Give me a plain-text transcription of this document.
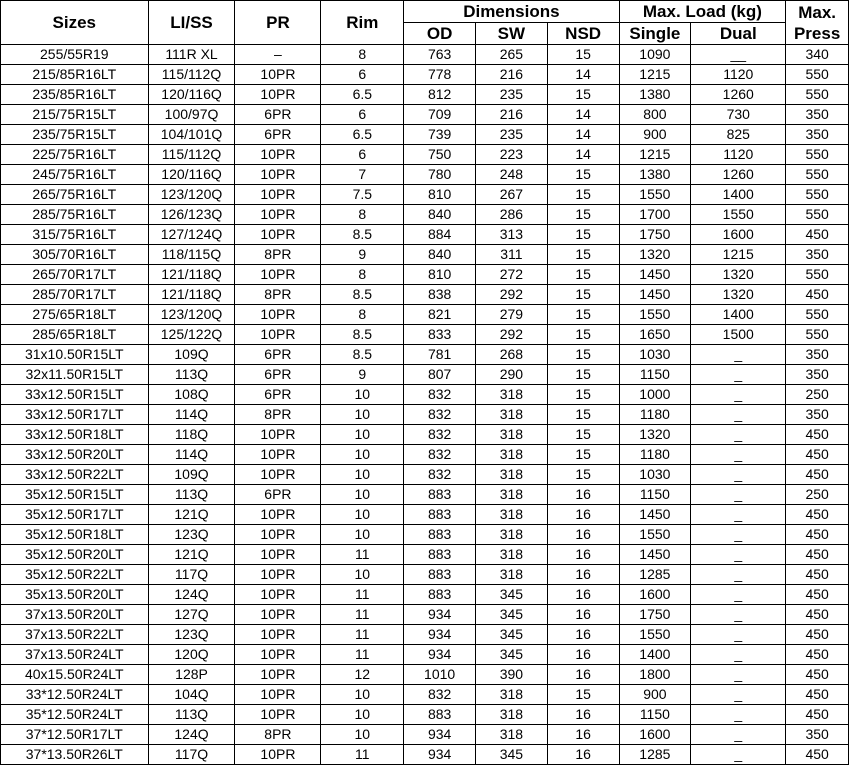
Sizes	LI/SS	PR	Rim	Dimensions			Max. Load (kg)		Max.
Press
				OD	SW	NSD	Single	Dual	
255/55R19	111R XL	–	8	763	265	15	1090	__	340
215/85R16LT	115/112Q	10PR	6	778	216	14	1215	1120	550
235/85R16LT	120/116Q	10PR	6.5	812	235	15	1380	1260	550
215/75R15LT	100/97Q	6PR	6	709	216	14	800	730	350
235/75R15LT	104/101Q	6PR	6.5	739	235	14	900	825	350
225/75R16LT	115/112Q	10PR	6	750	223	14	1215	1120	550
245/75R16LT	120/116Q	10PR	7	780	248	15	1380	1260	550
265/75R16LT	123/120Q	10PR	7.5	810	267	15	1550	1400	550
285/75R16LT	126/123Q	10PR	8	840	286	15	1700	1550	550
315/75R16LT	127/124Q	10PR	8.5	884	313	15	1750	1600	450
305/70R16LT	118/115Q	8PR	9	840	311	15	1320	1215	350
265/70R17LT	121/118Q	10PR	8	810	272	15	1450	1320	550
285/70R17LT	121/118Q	8PR	8.5	838	292	15	1450	1320	450
275/65R18LT	123/120Q	10PR	8	821	279	15	1550	1400	550
285/65R18LT	125/122Q	10PR	8.5	833	292	15	1650	1500	550
31x10.50R15LT	109Q	6PR	8.5	781	268	15	1030	_	350
32x11.50R15LT	113Q	6PR	9	807	290	15	1150	_	350
33x12.50R15LT	108Q	6PR	10	832	318	15	1000	_	250
33x12.50R17LT	114Q	8PR	10	832	318	15	1180	_	350
33x12.50R18LT	118Q	10PR	10	832	318	15	1320	_	450
33x12.50R20LT	114Q	10PR	10	832	318	15	1180	_	450
33x12.50R22LT	109Q	10PR	10	832	318	15	1030	_	450
35x12.50R15LT	113Q	6PR	10	883	318	16	1150	_	250
35x12.50R17LT	121Q	10PR	10	883	318	16	1450	_	450
35x12.50R18LT	123Q	10PR	10	883	318	16	1550	_	450
35x12.50R20LT	121Q	10PR	11	883	318	16	1450	_	450
35x12.50R22LT	117Q	10PR	10	883	318	16	1285	_	450
35x13.50R20LT	124Q	10PR	11	883	345	16	1600	_	450
37x13.50R20LT	127Q	10PR	11	934	345	16	1750	_	450
37x13.50R22LT	123Q	10PR	11	934	345	16	1550	_	450
37x13.50R24LT	120Q	10PR	11	934	345	16	1400	_	450
40x15.50R24LT	128P	10PR	12	1010	390	16	1800	_	450
33*12.50R24LT	104Q	10PR	10	832	318	15	900	_	450
35*12.50R24LT	113Q	10PR	10	883	318	16	1150	_	450
37*12.50R17LT	124Q	8PR	10	934	318	16	1600	_	350
37*13.50R26LT	117Q	10PR	11	934	345	16	1285	_	450
